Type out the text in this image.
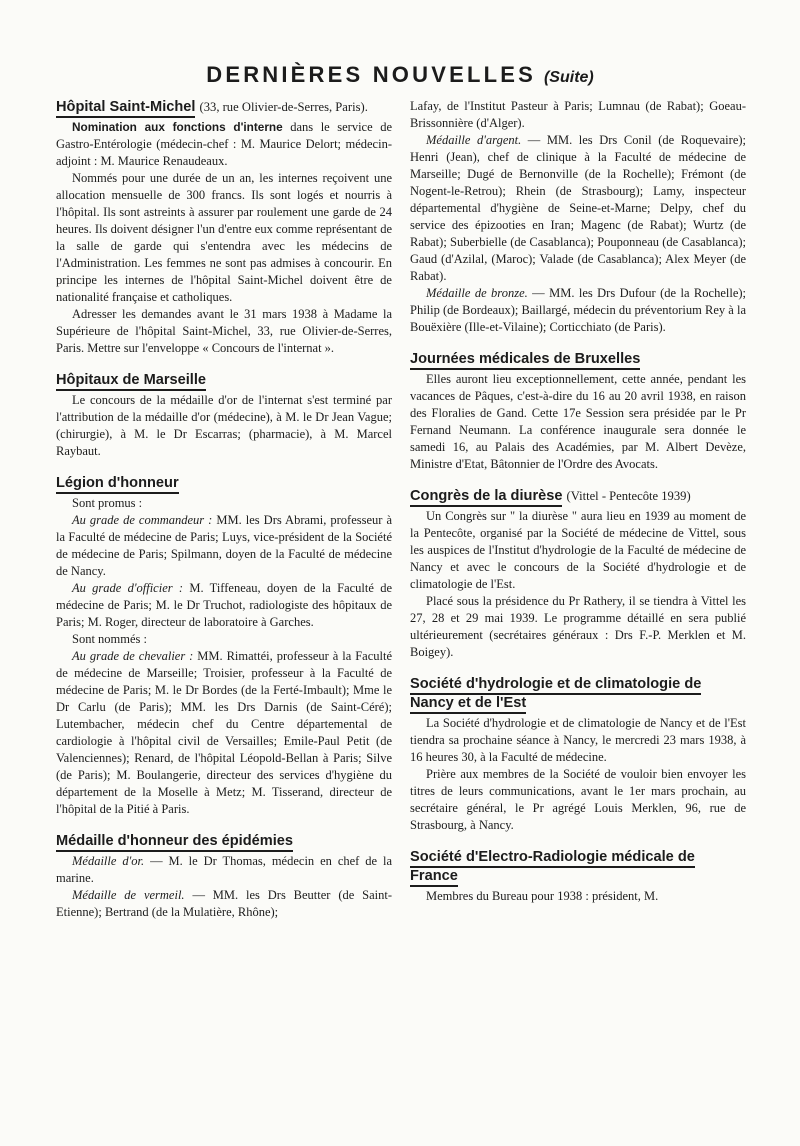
DERNIÈRES NOUVELLES (Suite)
Hôpital Saint-Michel (33, rue Olivier-de-Serres, Paris).

Nomination aux fonctions d'interne dans le service de Gastro-Entérologie (médecin-chef : M. Maurice Delort; médecin-adjoint : M. Maurice Renaudeaux.

Nommés pour une durée de un an, les internes reçoivent une allocation mensuelle de 300 francs. Ils sont logés et nourris à l'hôpital. Ils sont astreints à assurer par roulement une garde de 24 heures. Ils doivent désigner l'un d'entre eux comme représentant de la salle de garde qui s'entendra avec les médecins de l'Administration. Les femmes ne sont pas admises à concourir. En principe les internes de l'hôpital Saint-Michel doivent être de nationalité française et catholiques.

Adresser les demandes avant le 31 mars 1938 à Madame la Supérieure de l'hôpital Saint-Michel, 33, rue Olivier-de-Serres, Paris. Mettre sur l'enveloppe « Concours de l'internat ».

Hôpitaux de Marseille

Le concours de la médaille d'or de l'internat s'est terminé par l'attribution de la médaille d'or (médecine), à M. le Dr Jean Vague; (chirurgie), à M. le Dr Escarras; (pharmacie), à M. Marcel Raybaut.

Légion d'honneur

Sont promus :

Au grade de commandeur : MM. les Drs Abrami, professeur à la Faculté de médecine de Paris; Luys, vice-président de la Société de médecine de Paris; Spilmann, doyen de la Faculté de médecine de Nancy.

Au grade d'officier : M. Tiffeneau, doyen de la Faculté de médecine de Paris; M. le Dr Truchot, radiologiste des hôpitaux de Paris; M. Roger, directeur de laboratoire à Garches.

Sont nommés :

Au grade de chevalier : MM. Rimattéi, professeur à la Faculté de médecine de Marseille; Troisier, professeur à la Faculté de médecine de Paris; M. le Dr Bordes (de la Ferté-Imbault); Mme le Dr Carlu (de Paris); MM. les Drs Darnis (de Saint-Céré); Lutembacher, médecin chef du Centre départemental de cardiologie à l'hôpital civil de Versailles; Emile-Paul Petit (de Valenciennes); Renard, de l'hôpital Léopold-Bellan à Paris; Silve (de Paris); M. Boulangerie, directeur des services d'hygiène du département de la Moselle à Metz; M. Tisserand, directeur de l'hôpital de la Pitié à Paris.

Médaille d'honneur des épidémies

Médaille d'or. — M. le Dr Thomas, médecin en chef de la marine.

Médaille de vermeil. — MM. les Drs Beutter (de Saint-Etienne); Bertrand (de la Mulatière, Rhône);

Lafay, de l'Institut Pasteur à Paris; Lumnau (de Rabat); Goeau-Brissonnière (d'Alger).

Médaille d'argent. — MM. les Drs Conil (de Roquevaire); Henri (Jean), chef de clinique à la Faculté de médecine de Marseille; Dugé de Bernonville (de la Rochelle); Frémont (de Nogent-le-Retrou); Rhein (de Strasbourg); Lamy, inspecteur départemental d'hygiène de Seine-et-Marne; Delpy, chef du service des épizooties en Iran; Magenc (de Rabat); Wurtz (de Rabat); Suberbielle (de Casablanca); Pouponneau (de Casablanca); Gaud (d'Azilal, (Maroc); Valade (de Casablanca); Alex Meyer (de Rabat).

Médaille de bronze. — MM. les Drs Dufour (de la Rochelle); Philip (de Bordeaux); Baillargé, médecin du préventorium Rey à la Bouëxière (Ille-et-Vilaine); Corticchiato (de Paris).

Journées médicales de Bruxelles

Elles auront lieu exceptionnellement, cette année, pendant les vacances de Pâques, c'est-à-dire du 16 au 20 avril 1938, en raison des Floralies de Gand. Cette 17e Session sera présidée par le Pr Fernand Neumann. La conférence inaugurale sera donnée le samedi 16, au Palais des Académies, par M. Albert Devèze, Ministre d'Etat, Bâtonnier de l'Ordre des Avocats.

Congrès de la diurèse (Vittel - Pentecôte 1939)

Un Congrès sur " la diurèse " aura lieu en 1939 au moment de la Pentecôte, organisé par la Société de médecine de Vittel, sous les auspices de l'Institut d'hydrologie de la Faculté de médecine de Nancy et avec le concours de la Société d'hydrologie et de climatologie de l'Est.

Placé sous la présidence du Pr Rathery, il se tiendra à Vittel les 27, 28 et 29 mai 1939. Le programme détaillé en sera publié ultérieurement (secrétaires généraux : Drs F.-P. Merklen et M. Boigey).

Société d'hydrologie et de climatologie de Nancy et de l'Est

La Société d'hydrologie et de climatologie de Nancy et de l'Est tiendra sa prochaine séance à Nancy, le mercredi 23 mars 1938, à 16 heures 30, à la Faculté de médecine.

Prière aux membres de la Société de vouloir bien envoyer les titres de leurs communications, avant le 1er mars prochain, au secrétaire général, le Pr agrégé Louis Merklen, 96, rue de Strasbourg, à Nancy.

Société d'Electro-Radiologie médicale de France

Membres du Bureau pour 1938 : président, M.
